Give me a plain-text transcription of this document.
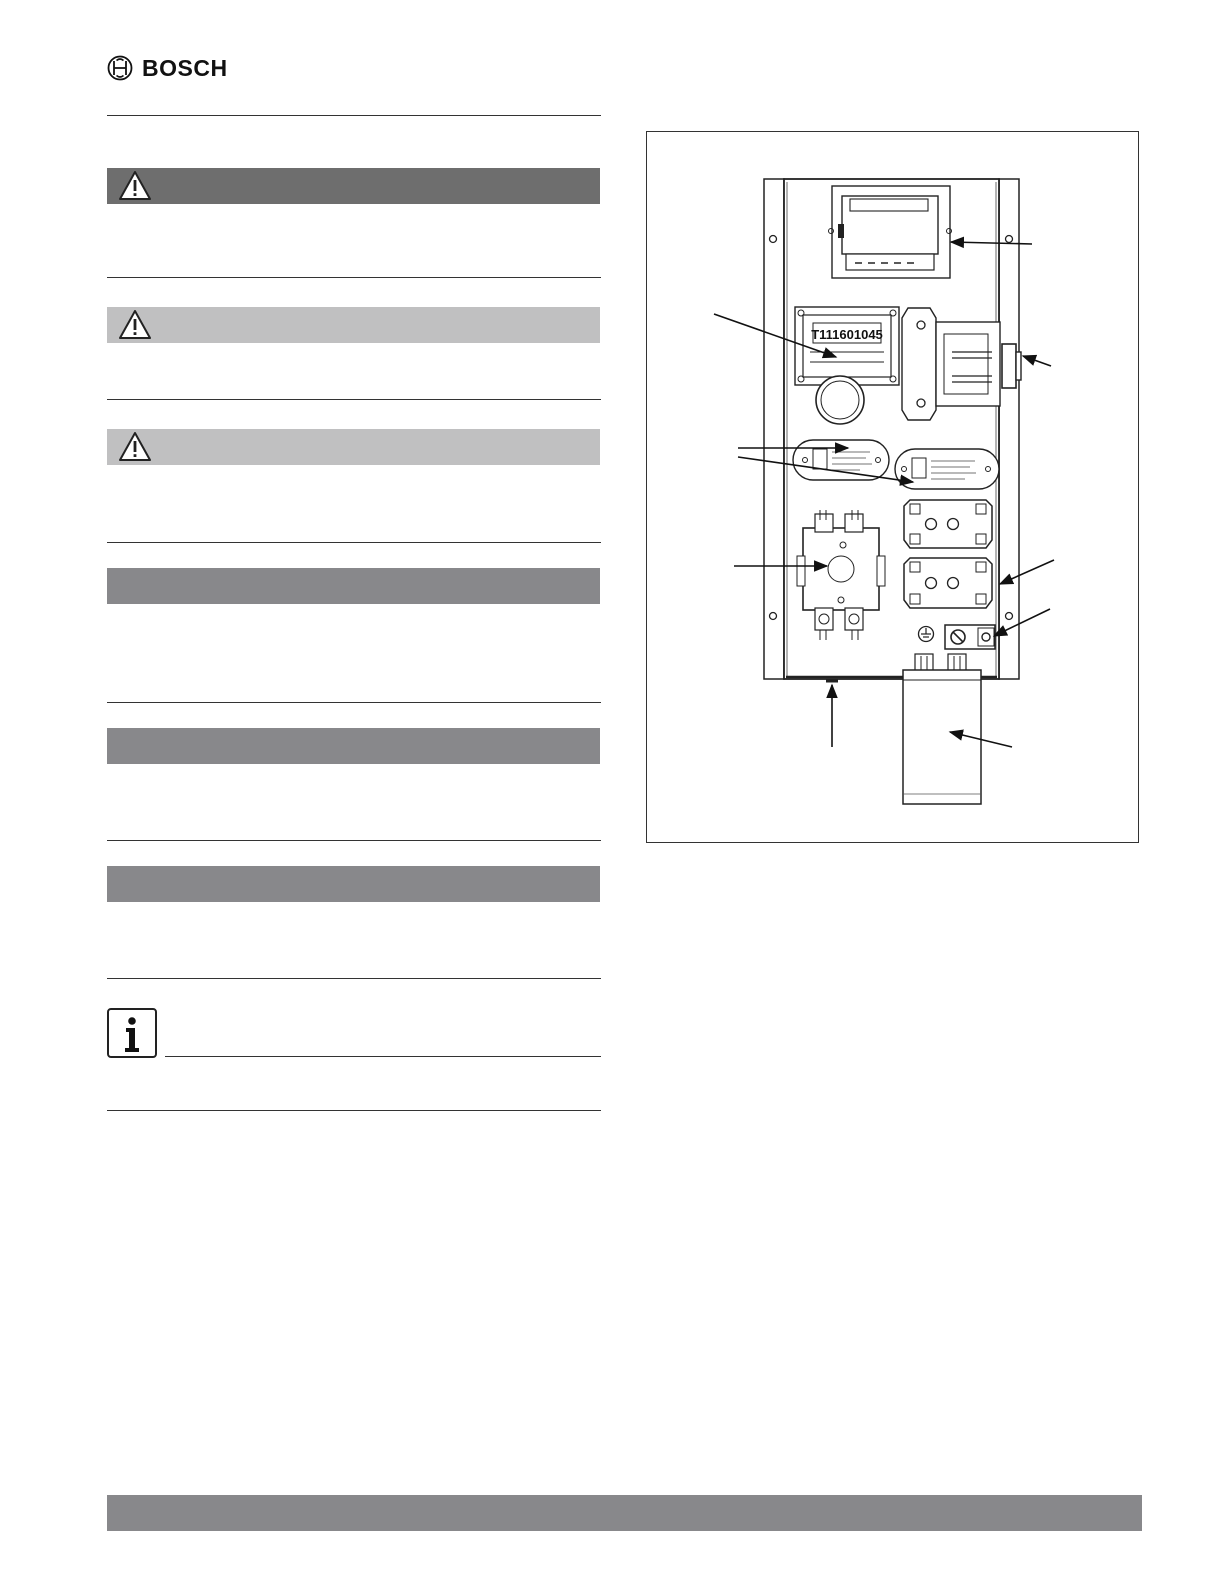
BOSCH
T111601045
